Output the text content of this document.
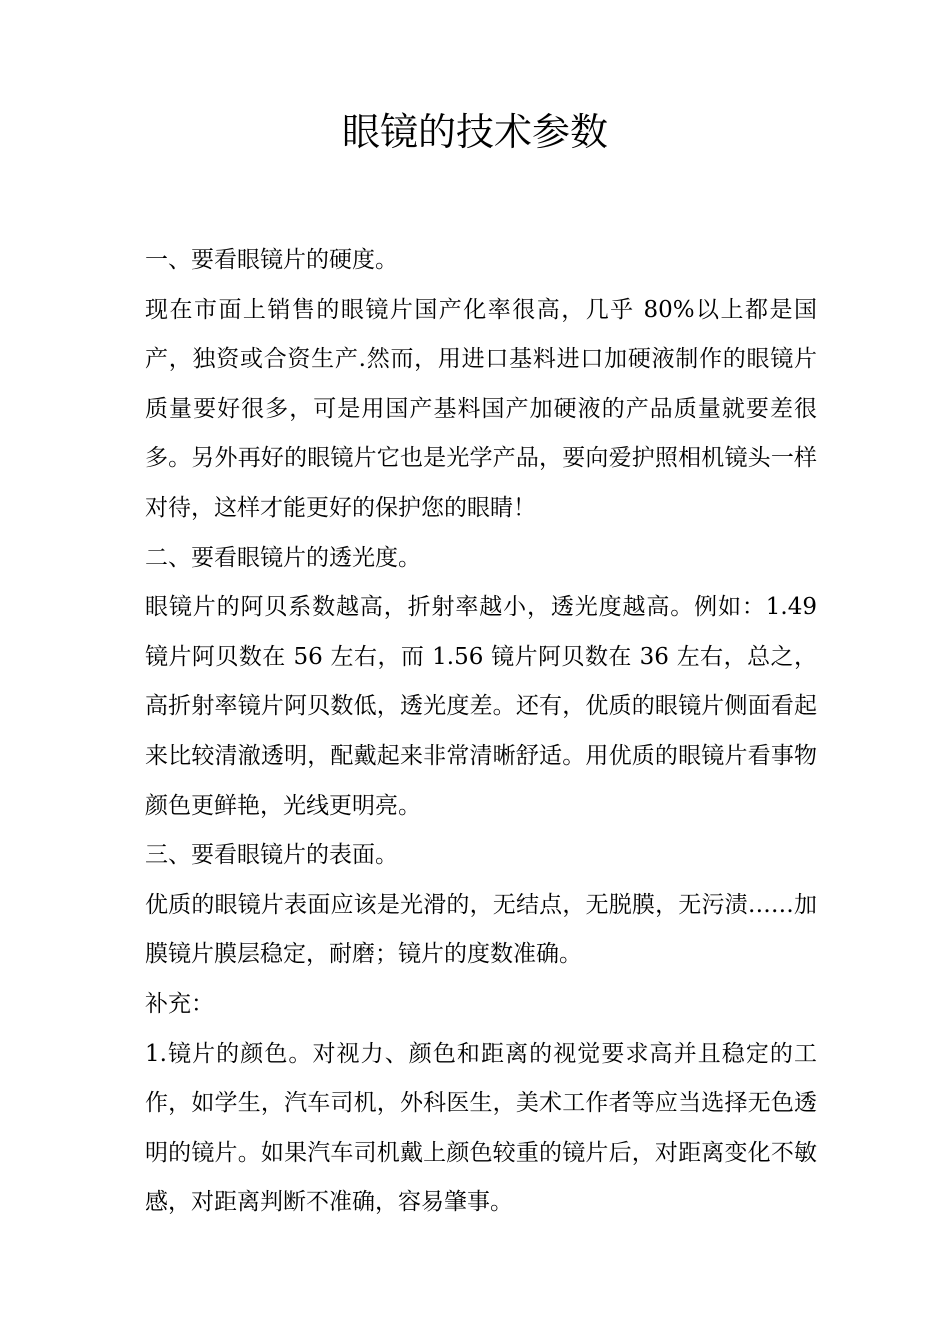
眼镜的技术参数

一、要看眼镜片的硬度。

现在市面上销售的眼镜片国产化率很高，几乎 80%以上都是国产，独资或合资生产.然而，用进口基料进口加硬液制作的眼镜片质量要好很多，可是用国产基料国产加硬液的产品质量就要差很多。另外再好的眼镜片它也是光学产品，要向爱护照相机镜头一样对待，这样才能更好的保护您的眼睛！

二、要看眼镜片的透光度。

眼镜片的阿贝系数越高，折射率越小，透光度越高。例如：1.49 镜片阿贝数在 56 左右，而 1.56 镜片阿贝数在 36 左右，总之，高折射率镜片阿贝数低，透光度差。还有，优质的眼镜片侧面看起来比较清澈透明，配戴起来非常清晰舒适。用优质的眼镜片看事物颜色更鲜艳，光线更明亮。

三、要看眼镜片的表面。

优质的眼镜片表面应该是光滑的，无结点，无脱膜，无污渍……加膜镜片膜层稳定，耐磨；镜片的度数准确。

补充：

1.镜片的颜色。对视力、颜色和距离的视觉要求高并且稳定的工作，如学生，汽车司机，外科医生，美术工作者等应当选择无色透明的镜片。如果汽车司机戴上颜色较重的镜片后，对距离变化不敏感，对距离判断不准确，容易肇事。
